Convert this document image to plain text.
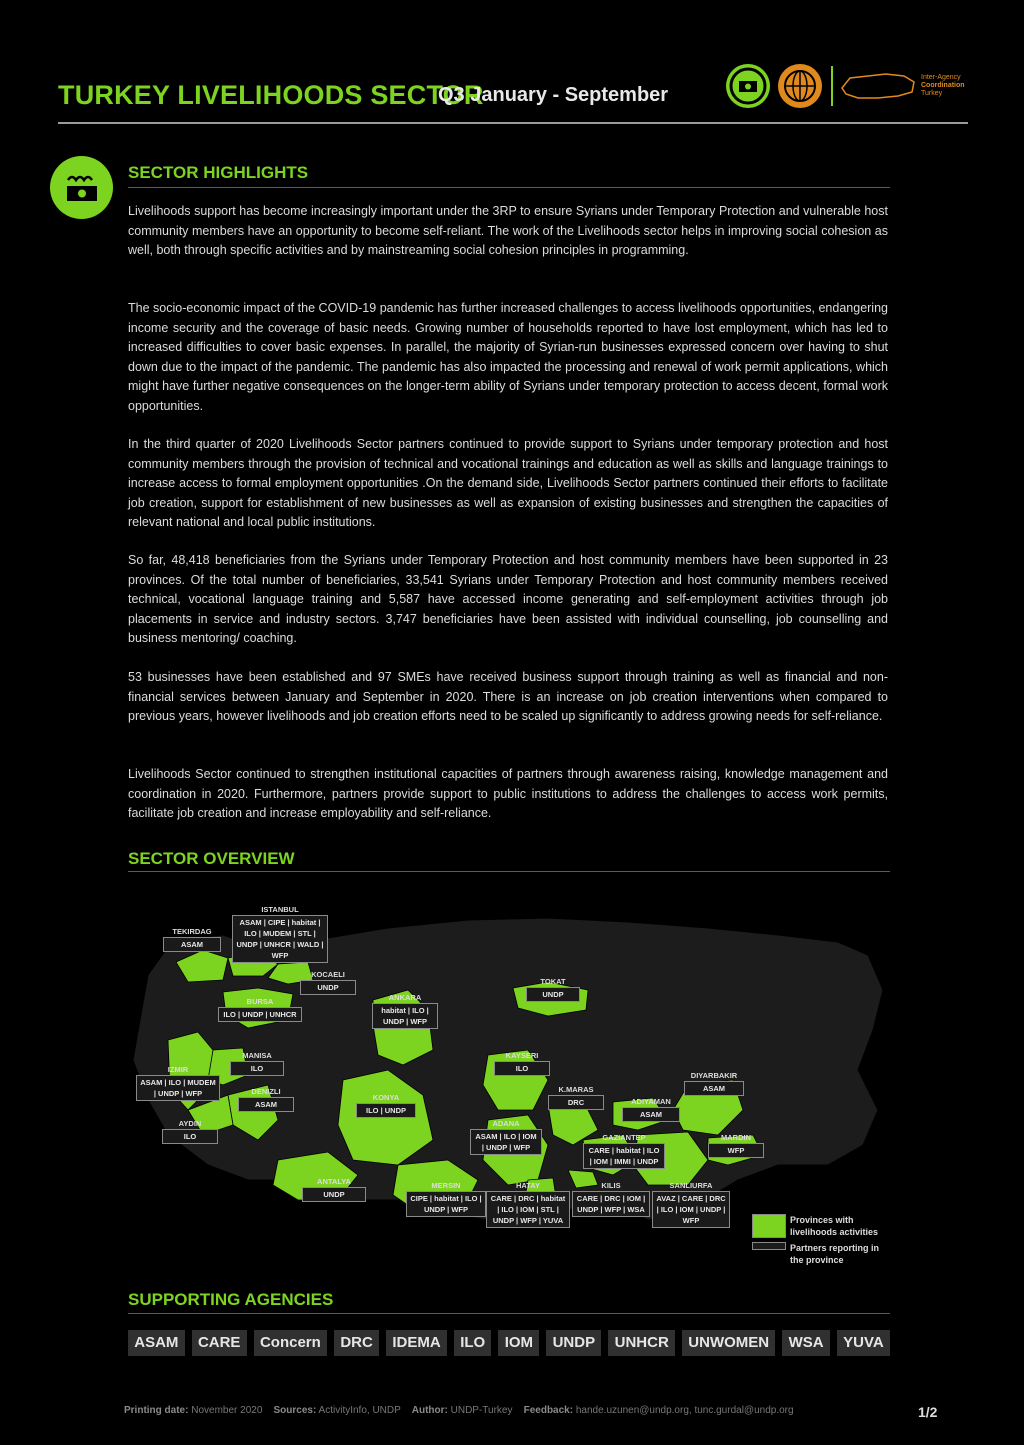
TURKEY LIVELIHOODS SECTOR
Q3 January - September
Inter-Agency
Coordination
Turkey
SECTOR HIGHLIGHTS
Livelihoods support has become increasingly important under the 3RP to ensure Syrians under Temporary Protection and vulnerable host community members have an opportunity to become self-reliant. The work of the Livelihoods sector helps in improving social cohesion as well, both through specific activities and by mainstreaming social cohesion principles in programming.
The socio-economic impact of the COVID-19 pandemic has further increased challenges to access livelihoods opportunities, endangering income security and the coverage of basic needs. Growing number of households reported to have lost employment, which has led to increased difficulties to cover basic expenses. In parallel, the majority of Syrian-run businesses expressed concern over having to shut down due to the impact of the pandemic. The pandemic has also impacted the processing and renewal of work permit applications, which might have further negative consequences on the longer-term ability of Syrians under temporary protection to access decent, formal work opportunities.
In the third quarter of 2020 Livelihoods Sector partners continued to provide support to Syrians under temporary protection and host community members through the provision of technical and vocational trainings and education as well as skills and language trainings to increase access to formal employment opportunities .On the demand side, Livelihoods Sector partners continued their efforts to facilitate job creation, support for establishment of new businesses as well as expansion of existing businesses and strengthen the capacities of relevant national and local public institutions.
So far, 48,418 beneficiaries from the Syrians under Temporary Protection and host community members have been supported in 23 provinces. Of the total number of beneficiaries, 33,541 Syrians under Temporary Protection and host community members received technical, vocational language training and 5,587 have accessed income generating and self-employment activities through job placements in service and industry sectors. 3,747 beneficiaries have been assisted with individual counselling, job counselling and business mentoring/ coaching.
53 businesses have been established and 97 SMEs have received business support through training as well as financial and non-financial services between January and September in 2020. There is an increase on job creation interventions when compared to previous years, however livelihoods and job creation efforts need to be scaled up significantly to address growing needs for self-reliance.
Livelihoods Sector continued to strengthen institutional capacities of partners through awareness raising, knowledge management and coordination in 2020. Furthermore, partners provide support to public institutions to address the challenges to access work permits, facilitate job creation and increase employability and self-reliance.
SECTOR OVERVIEW
ISTANBUL
ASAM | CIPE | habitat | ILO | MUDEM | STL | UNDP | UNHCR | WALD | WFP
TEKIRDAG
ASAM
KOCAELI
UNDP
BURSA
ILO | UNDP | UNHCR
ANKARA
habitat | ILO | UNDP | WFP
TOKAT
UNDP
IZMIR
ASAM | ILO | MUDEM | UNDP | WFP
MANISA
ILO
DENIZLI
ASAM
AYDIN
ILO
KONYA
ILO | UNDP
KAYSERI
ILO
K.MARAS
DRC
ADANA
ASAM | ILO | IOM | UNDP | WFP
ADIYAMAN
ASAM
DIYARBAKIR
ASAM
GAZIANTEP
CARE | habitat | ILO | IOM | IMMI | UNDP
MARDIN
WFP
SANLIURFA
AVAZ | CARE | DRC | ILO | IOM | UNDP | WFP
ANTALYA
UNDP
MERSIN
CIPE | habitat | ILO | UNDP | WFP
HATAY
CARE | DRC | habitat | ILO | IOM | STL | UNDP | WFP | YUVA
KILIS
CARE | DRC | IOM | UNDP | WFP | WSA
Provinces with livelihoods activities
Partners reporting in the province
SUPPORTING AGENCIES
ASAM	CARE	Concern	DRC	IDEMA	ILO	IOM	UNDP	UNHCR	UNWOMEN	WSA	YUVA
Printing date: November 2020 Sources: ActivityInfo, UNDP Author: UNDP-Turkey Feedback: hande.uzunen@undp.org, tunc.gurdal@undp.org	1/2
